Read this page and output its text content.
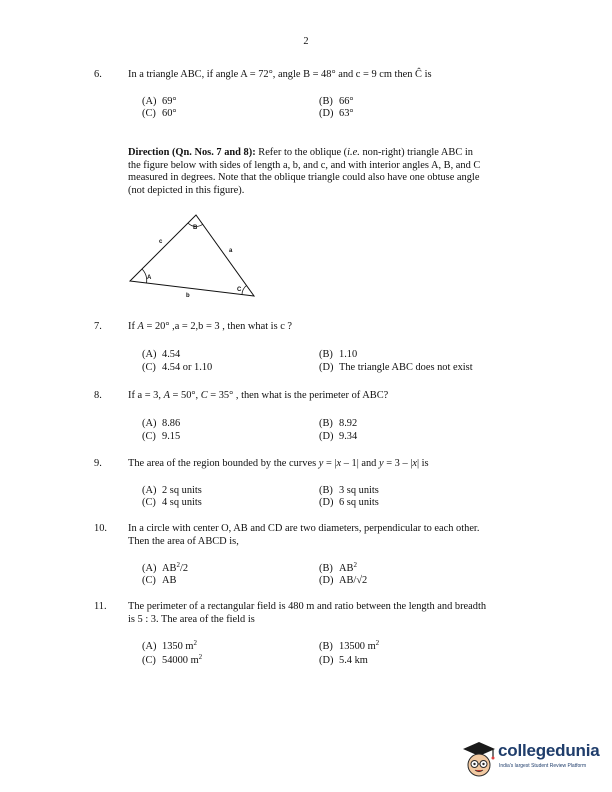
2
6.	In a triangle ABC, if angle A = 72°, angle B = 48° and c = 9 cm then Ĉ is
(A) 69°	(B) 66°
(C) 60°	(D) 63°
Direction (Qn. Nos. 7 and 8): Refer to the oblique (i.e. non-right) triangle ABC in
the figure below with sides of length a, b, and c, and with interior angles A, B, and C
measured in degrees. Note that the oblique triangle could also have one obtuse angle
(not depicted in this figure).
A
B
C
a
b
c
7.	If A = 20° ,a = 2,b = 3 , then what is c ?
(A) 4.54	(B) 1.10
(C) 4.54 or 1.10	(D) The triangle ABC does not exist
8.	If a = 3, A = 50°, C = 35° , then what is the perimeter of ABC?
(A) 8.86	(B) 8.92
(C) 9.15	(D) 9.34
9.	The area of the region bounded by the curves y = |x – 1| and y = 3 – |x| is
(A) 2 sq units	(B) 3 sq units
(C) 4 sq units	(D) 6 sq units
10. In a circle with center O, AB and CD are two diameters, perpendicular to each other.
Then the area of ABCD is,
(A) $AB^2/2$	(B) $AB^2$
(C) AB	(D) AB/√2
11. The perimeter of a rectangular field is 480 m and ratio between the length and breadth
is 5 : 3. The area of the field is
(A) 1350 $m^2$	(B) 13500 $m^2$
(C) 54000 $m^2$	(D) 5.4 km
collegedunia
India's largest Student Review Platform
